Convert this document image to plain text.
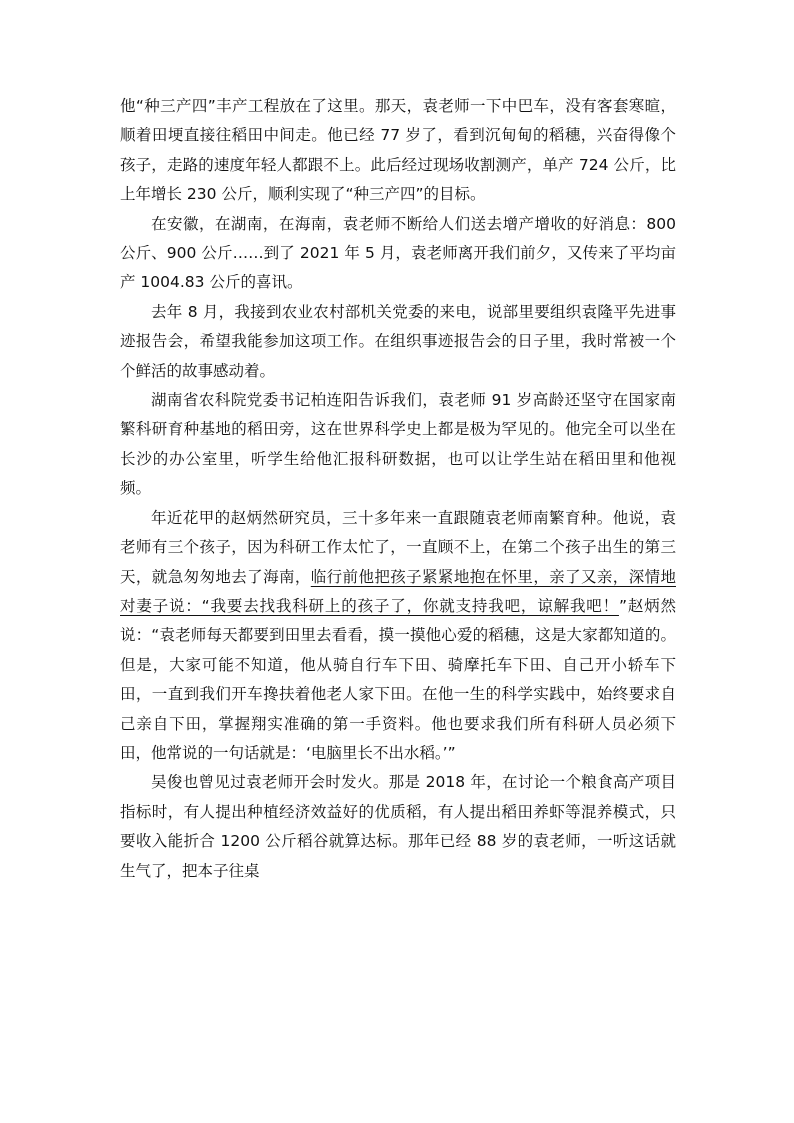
他“种三产四”丰产工程放在了这里。那天，袁老师一下中巴车，没有客套寒暄，顺着田埂直接往稻田中间走。他已经 77 岁了，看到沉甸甸的稻穗，兴奋得像个孩子，走路的速度年轻人都跟不上。此后经过现场收割测产，单产 724 公斤，比上年增长 230 公斤，顺利实现了“种三产四”的目标。

在安徽，在湖南，在海南，袁老师不断给人们送去增产增收的好消息：800 公斤、900 公斤……到了 2021 年 5 月，袁老师离开我们前夕，又传来了平均亩产 1004.83 公斤的喜讯。

去年 8 月，我接到农业农村部机关党委的来电，说部里要组织袁隆平先进事迹报告会，希望我能参加这项工作。在组织事迹报告会的日子里，我时常被一个个鲜活的故事感动着。

湖南省农科院党委书记柏连阳告诉我们，袁老师 91 岁高龄还坚守在国家南繁科研育种基地的稻田旁，这在世界科学史上都是极为罕见的。他完全可以坐在长沙的办公室里，听学生给他汇报科研数据，也可以让学生站在稻田里和他视频。

年近花甲的赵炳然研究员，三十多年来一直跟随袁老师南繁育种。他说，袁老师有三个孩子，因为科研工作太忙了，一直顾不上，在第二个孩子出生的第三天，就急匆匆地去了海南，临行前他把孩子紧紧地抱在怀里，亲了又亲，深情地对妻子说：“我要去找我科研上的孩子了，你就支持我吧，谅解我吧！”赵炳然说：“袁老师每天都要到田里去看看，摸一摸他心爱的稻穗，这是大家都知道的。但是，大家可能不知道，他从骑自行车下田、骑摩托车下田、自己开小轿车下田，一直到我们开车搀扶着他老人家下田。在他一生的科学实践中，始终要求自己亲自下田，掌握翔实准确的第一手资料。他也要求我们所有科研人员必须下田，他常说的一句话就是：‘电脑里长不出水稻。’”

吴俊也曾见过袁老师开会时发火。那是 2018 年，在讨论一个粮食高产项目指标时，有人提出种植经济效益好的优质稻，有人提出稻田养虾等混养模式，只要收入能折合 1200 公斤稻谷就算达标。那年已经 88 岁的袁老师，一听这话就生气了，把本子往桌
